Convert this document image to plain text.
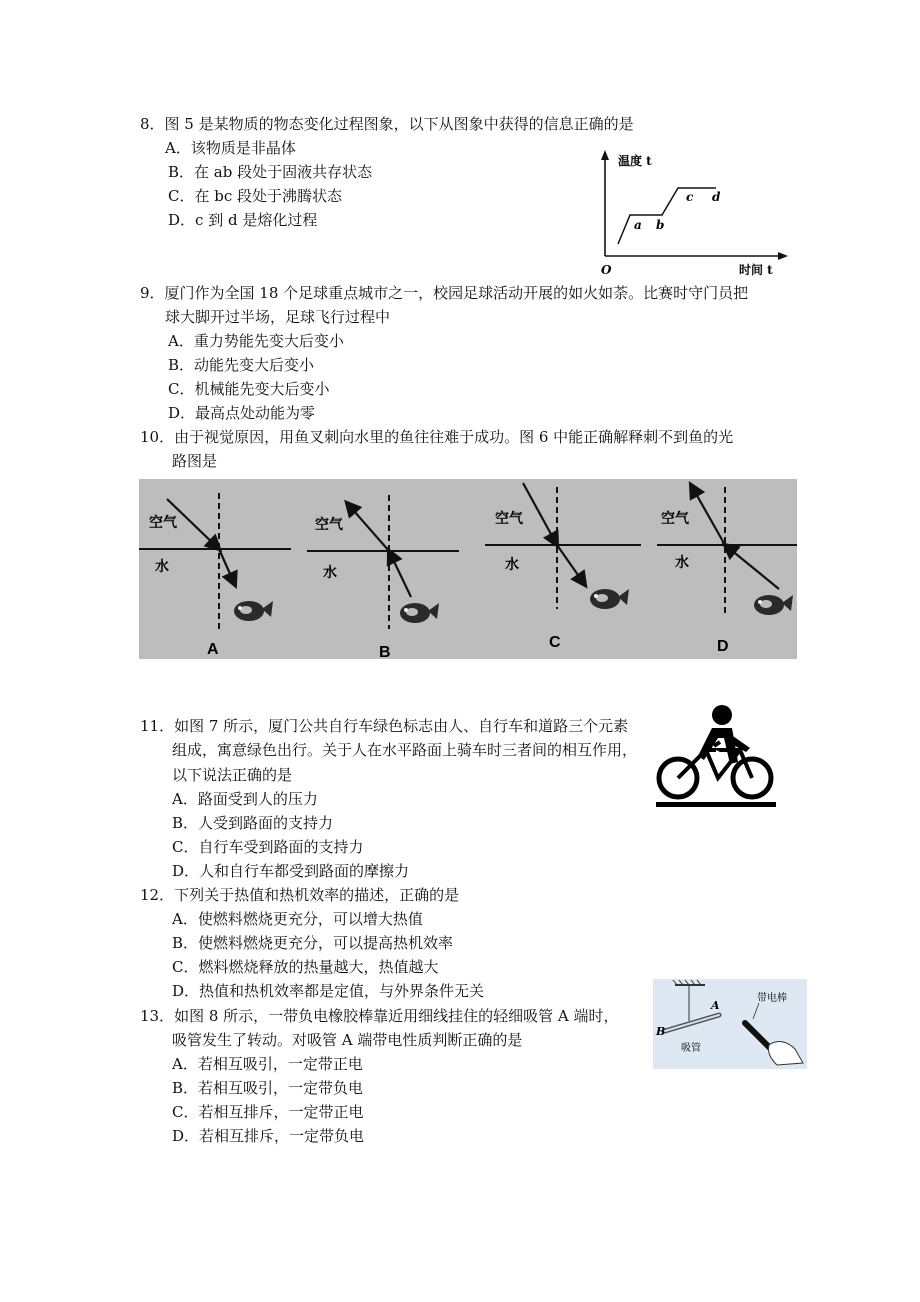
8．图 5 是某物质的物态变化过程图象，以下从图象中获得的信息正确的是
A．该物质是非晶体
B．在 ab 段处于固液共存状态
C．在 bc 段处于沸腾状态
D．c 到 d 是熔化过程
温度 t
时间 t
O
a b
c d
9．厦门作为全国 18 个足球重点城市之一，校园足球活动开展的如火如荼。比赛时守门员把
球大脚开过半场，足球飞行过程中
A．重力势能先变大后变小
B．动能先变大后变小
C．机械能先变大后变小
D．最高点处动能为零
10．由于视觉原因，用鱼叉刺向水里的鱼往往难于成功。图 6 中能正确解释刺不到鱼的光
路图是
空气
水
A
空气
水
B
空气
水
C
空气
水
D
11．如图 7 所示，厦门公共自行车绿色标志由人、自行车和道路三个元素
组成，寓意绿色出行。关于人在水平路面上骑车时三者间的相互作用，
以下说法正确的是
A．路面受到人的压力
B．人受到路面的支持力
C．自行车受到路面的支持力
D．人和自行车都受到路面的摩擦力
12．下列关于热值和热机效率的描述，正确的是
A．使燃料燃烧更充分，可以增大热值
B．使燃料燃烧更充分，可以提高热机效率
C．燃料燃烧释放的热量越大，热值越大
D．热值和热机效率都是定值，与外界条件无关
13．如图 8 所示，一带负电橡胶棒靠近用细线挂住的轻细吸管 A 端时，
吸管发生了转动。对吸管 A 端带电性质判断正确的是
A．若相互吸引，一定带正电
B．若相互吸引，一定带负电
C．若相互排斥，一定带正电
D．若相互排斥，一定带负电
带电棒
吸管
A
B
